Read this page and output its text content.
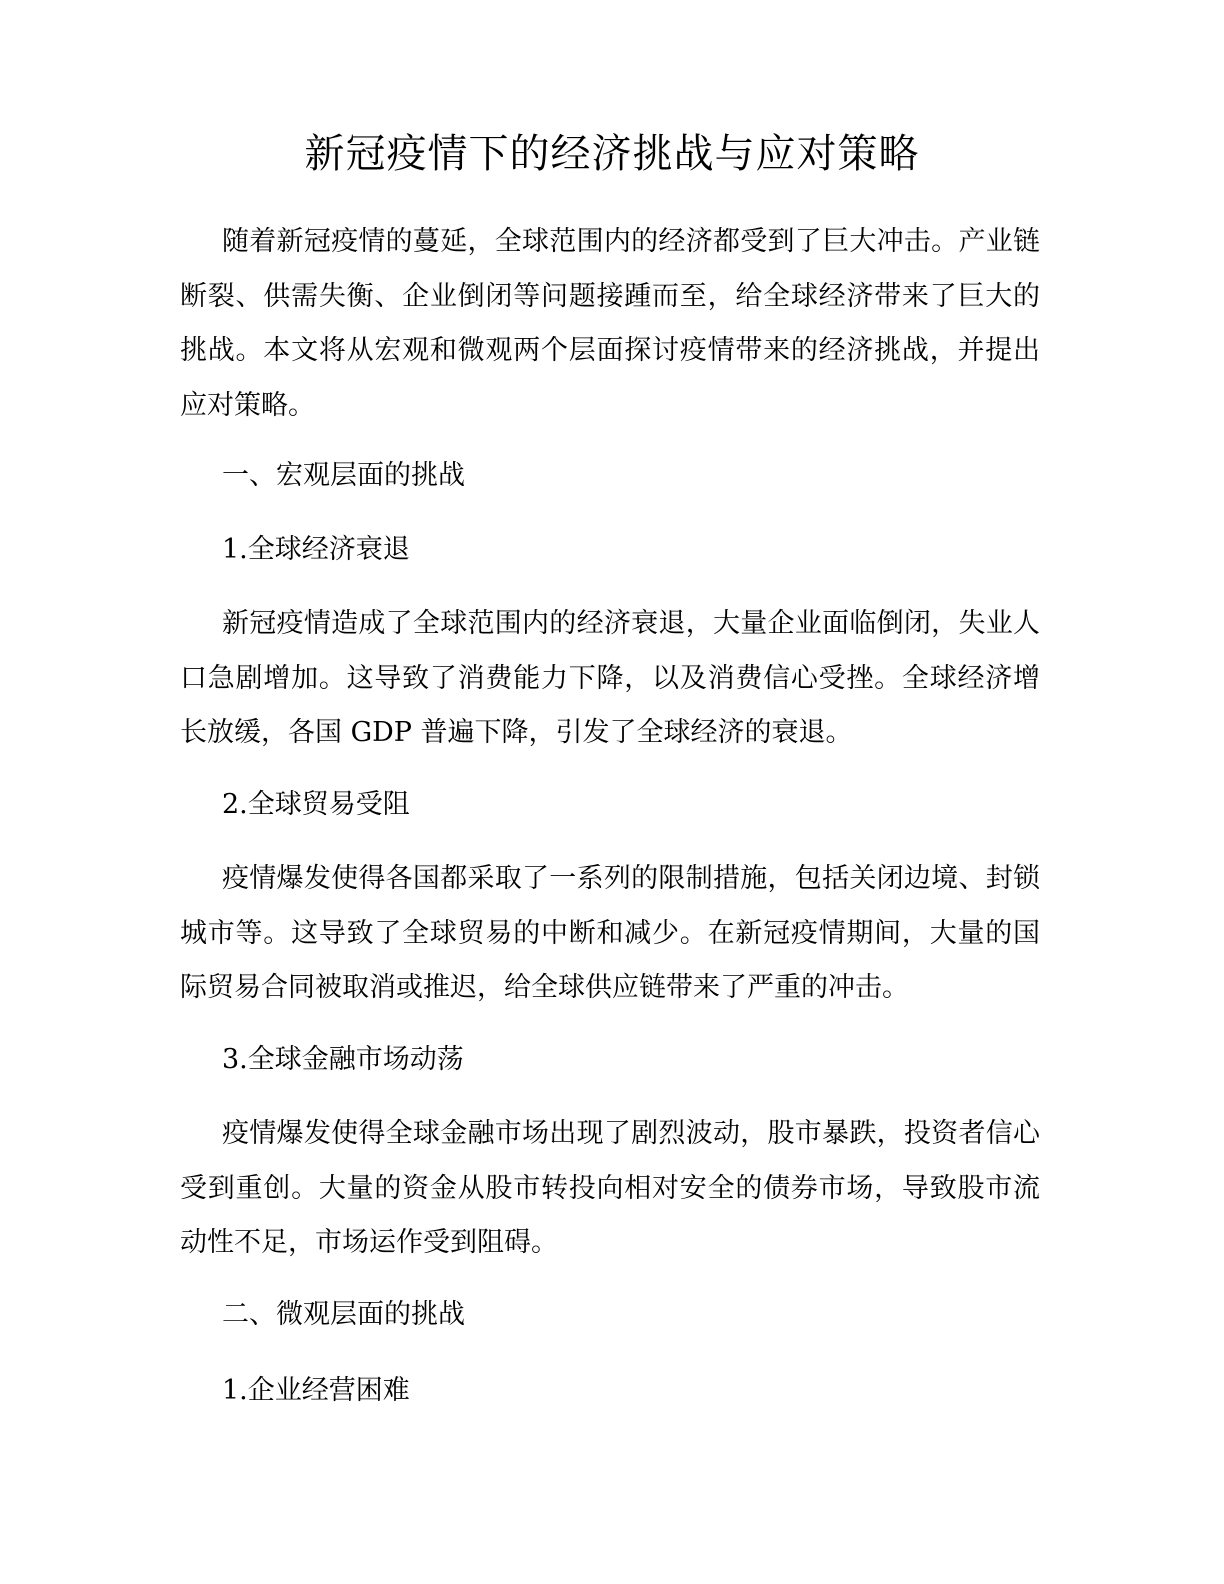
新冠疫情下的经济挑战与应对策略

随着新冠疫情的蔓延，全球范围内的经济都受到了巨大冲击。产业链断裂、供需失衡、企业倒闭等问题接踵而至，给全球经济带来了巨大的挑战。本文将从宏观和微观两个层面探讨疫情带来的经济挑战，并提出应对策略。

一、宏观层面的挑战
1.全球经济衰退

新冠疫情造成了全球范围内的经济衰退，大量企业面临倒闭，失业人口急剧增加。这导致了消费能力下降，以及消费信心受挫。全球经济增长放缓，各国 GDP 普遍下降，引发了全球经济的衰退。

2.全球贸易受阻

疫情爆发使得各国都采取了一系列的限制措施，包括关闭边境、封锁城市等。这导致了全球贸易的中断和减少。在新冠疫情期间，大量的国际贸易合同被取消或推迟，给全球供应链带来了严重的冲击。

3.全球金融市场动荡

疫情爆发使得全球金融市场出现了剧烈波动，股市暴跌，投资者信心受到重创。大量的资金从股市转投向相对安全的债券市场，导致股市流动性不足，市场运作受到阻碍。

二、微观层面的挑战
1.企业经营困难
